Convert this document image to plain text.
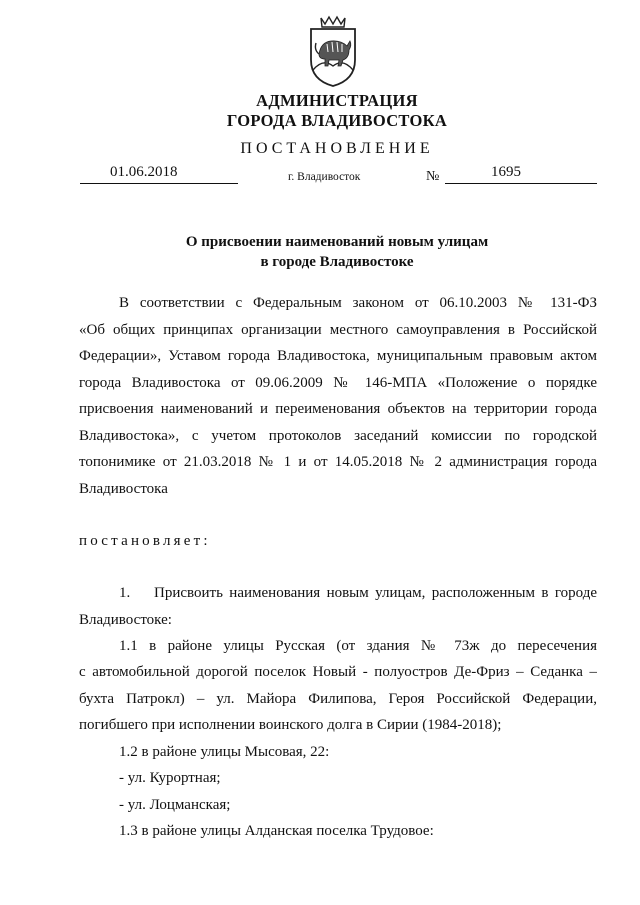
АДМИНИСТРАЦИЯ
ГОРОДА ВЛАДИВОСТОКА
ПОСТАНОВЛЕНИЕ
01.06.2018	г. Владивосток	№	1695
О присвоении наименований новым улицам
в городе Владивостоке
В соответствии с Федеральным законом от 06.10.2003 № 131-ФЗ
«Об общих принципах организации местного самоуправления в Российской
Федерации», Уставом города Владивостока, муниципальным правовым актом
города Владивостока от 09.06.2009 № 146-МПА «Положение о порядке
присвоения наименований и переименования объектов на территории города
Владивостока», с учетом протоколов заседаний комиссии по городской
топонимике от 21.03.2018 № 1 и от 14.05.2018 № 2 администрация города
Владивостока
постановляет:
1. Присвоить наименования новым улицам, расположенным в городе
Владивостоке:
1.1 в районе улицы Русская (от здания № 73ж до пересечения
с автомобильной дорогой поселок Новый - полуостров Де-Фриз – Седанка –
бухта Патрокл) – ул. Майора Филипова, Героя Российской Федерации,
погибшего при исполнении воинского долга в Сирии (1984-2018);
1.2 в районе улицы Мысовая, 22:
- ул. Курортная;
- ул. Лоцманская;
1.3 в районе улицы Алданская поселка Трудовое:
